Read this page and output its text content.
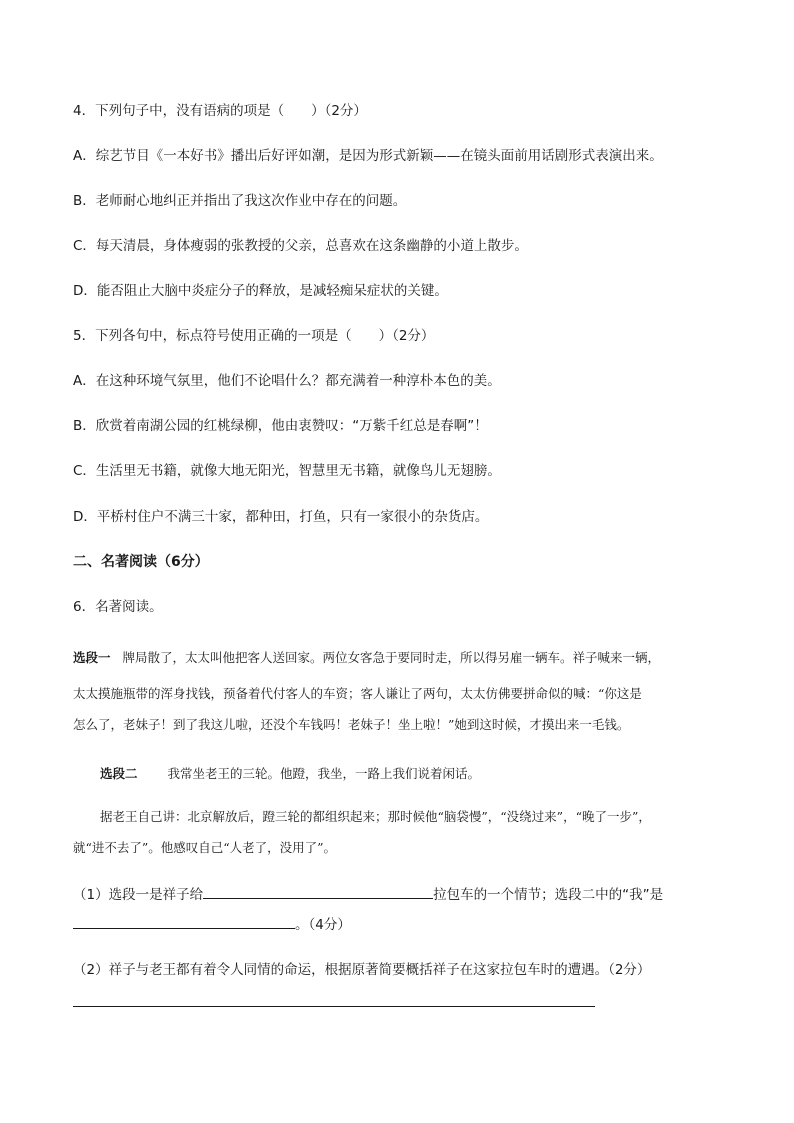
4．下列句子中，没有语病的项是（　　）（2分）
A．综艺节目《一本好书》播出后好评如潮，是因为形式新颖——在镜头面前用话剧形式表演出来。
B．老师耐心地纠正并指出了我这次作业中存在的问题。
C．每天清晨，身体瘦弱的张教授的父亲，总喜欢在这条幽静的小道上散步。
D．能否阻止大脑中炎症分子的释放，是减轻痴呆症状的关键。
5．下列各句中，标点符号使用正确的一项是（　　）（2分）
A．在这种环境气氛里，他们不论唱什么？都充满着一种淳朴本色的美。
B．欣赏着南湖公园的红桃绿柳，他由衷赞叹：“万紫千红总是春啊”！
C．生活里无书籍，就像大地无阳光，智慧里无书籍，就像鸟儿无翅膀。
D．平桥村住户不满三十家，都种田，打鱼，只有一家很小的杂货店。
二、名著阅读（6分）
6．名著阅读。
选段一 牌局散了，太太叫他把客人送回家。两位女客急于要同时走，所以得另雇一辆车。祥子喊来一辆，
太太摸施瓶带的浑身找钱，预备着代付客人的车资；客人谦让了两句，太太仿佛要拼命似的喊：“你这是
怎么了，老妹子！到了我这儿啦，还没个车钱吗！老妹子！坐上啦！”她到这时候，才摸出来一毛钱。
选段二 我常坐老王的三轮。他蹬，我坐，一路上我们说着闲话。
据老王自己讲：北京解放后，蹬三轮的都组织起来；那时候他“脑袋慢”，“没绕过来”，“晚了一步”，
就“进不去了”。他感叹自己“人老了，没用了”。
（1）选段一是祥子给	拉包车的一个情节；选段二中的“我”是
。（4分）
（2）祥子与老王都有着令人同情的命运，根据原著简要概括祥子在这家拉包车时的遭遇。（2分）
